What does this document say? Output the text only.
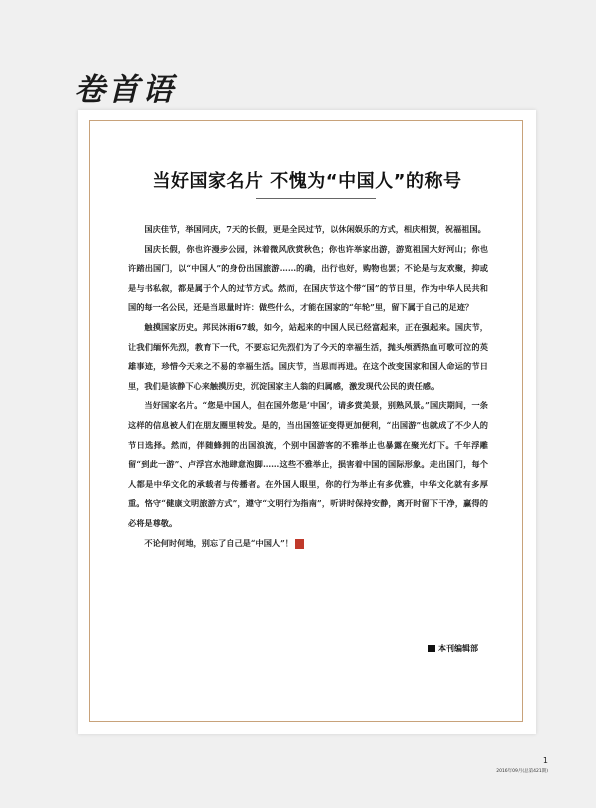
卷首语
当好国家名片 不愧为“中国人”的称号

国庆佳节，举国同庆，7天的长假，更是全民过节，以休闲娱乐的方式，相庆相贺，祝福祖国。

国庆长假，你也许漫步公园，沐着微风欣赏秋色；你也许举家出游，游览祖国大好河山；你也许踏出国门，以“中国人”的身份出国旅游……的确，出行也好，购物也罢；不论是与友欢聚，抑或是与书私叙，都是属于个人的过节方式。然而，在国庆节这个带“国”的节日里，作为中华人民共和国的每一名公民，还是当思量时许：做些什么，才能在国家的“年轮”里，留下属于自己的足迹？

触摸国家历史。邦民沐雨67载，如今，站起来的中国人民已经富起来，正在强起来。国庆节，让我们缅怀先烈，教育下一代，不要忘记先烈们为了今天的幸福生活，抛头颅洒热血可歌可泣的英雄事迹，珍惜今天来之不易的幸福生活。国庆节，当思而再进。在这个改变国家和国人命运的节日里，我们是该静下心来触摸历史，沉淀国家主人翁的归属感，激发现代公民的责任感。

当好国家名片。“您是中国人，但在国外您是‘中国’，请多赏美景，别熟风景。”国庆期间，一条这样的信息被人们在朋友圈里转发。是的，当出国签证变得更加便利，“出国游”也就成了不少人的节日选择。然而，伴随蜂拥的出国浪流，个别中国游客的不雅举止也暴露在聚光灯下。千年浮雕留“到此一游”、卢浮宫水池肆意泡脚……这些不雅举止，损害着中国的国际形象。走出国门，每个人都是中华文化的承载者与传播者。在外国人眼里，你的行为举止有多优雅，中华文化就有多厚重。恪守“健康文明旅游方式”，遵守“文明行为指南”，听讲时保持安静，离开时留下干净，赢得的必将是尊敬。

不论何时何地，别忘了自己是“中国人”！	N

本刊编辑部
1
2016年09月(总第421期)
